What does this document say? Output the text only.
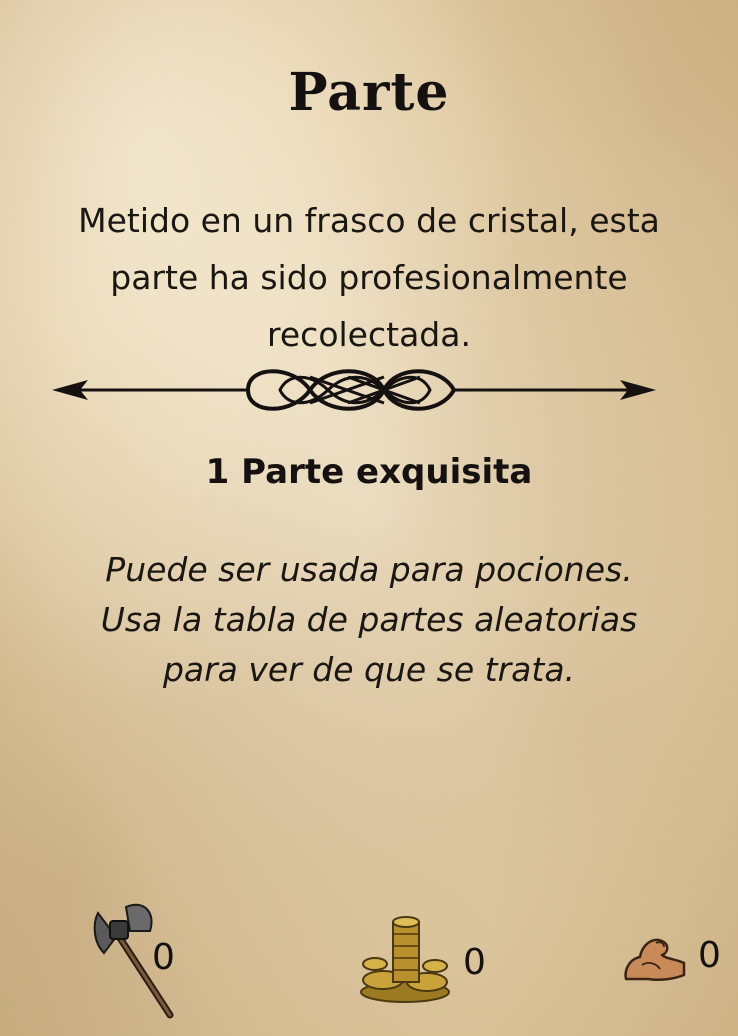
Parte
Metido en un frasco de cristal, esta
parte ha sido profesionalmente
recolectada.
1 Parte exquisita
Puede ser usada para pociones.
Usa la tabla de partes aleatorias
para ver de que se trata.
0	0	0
